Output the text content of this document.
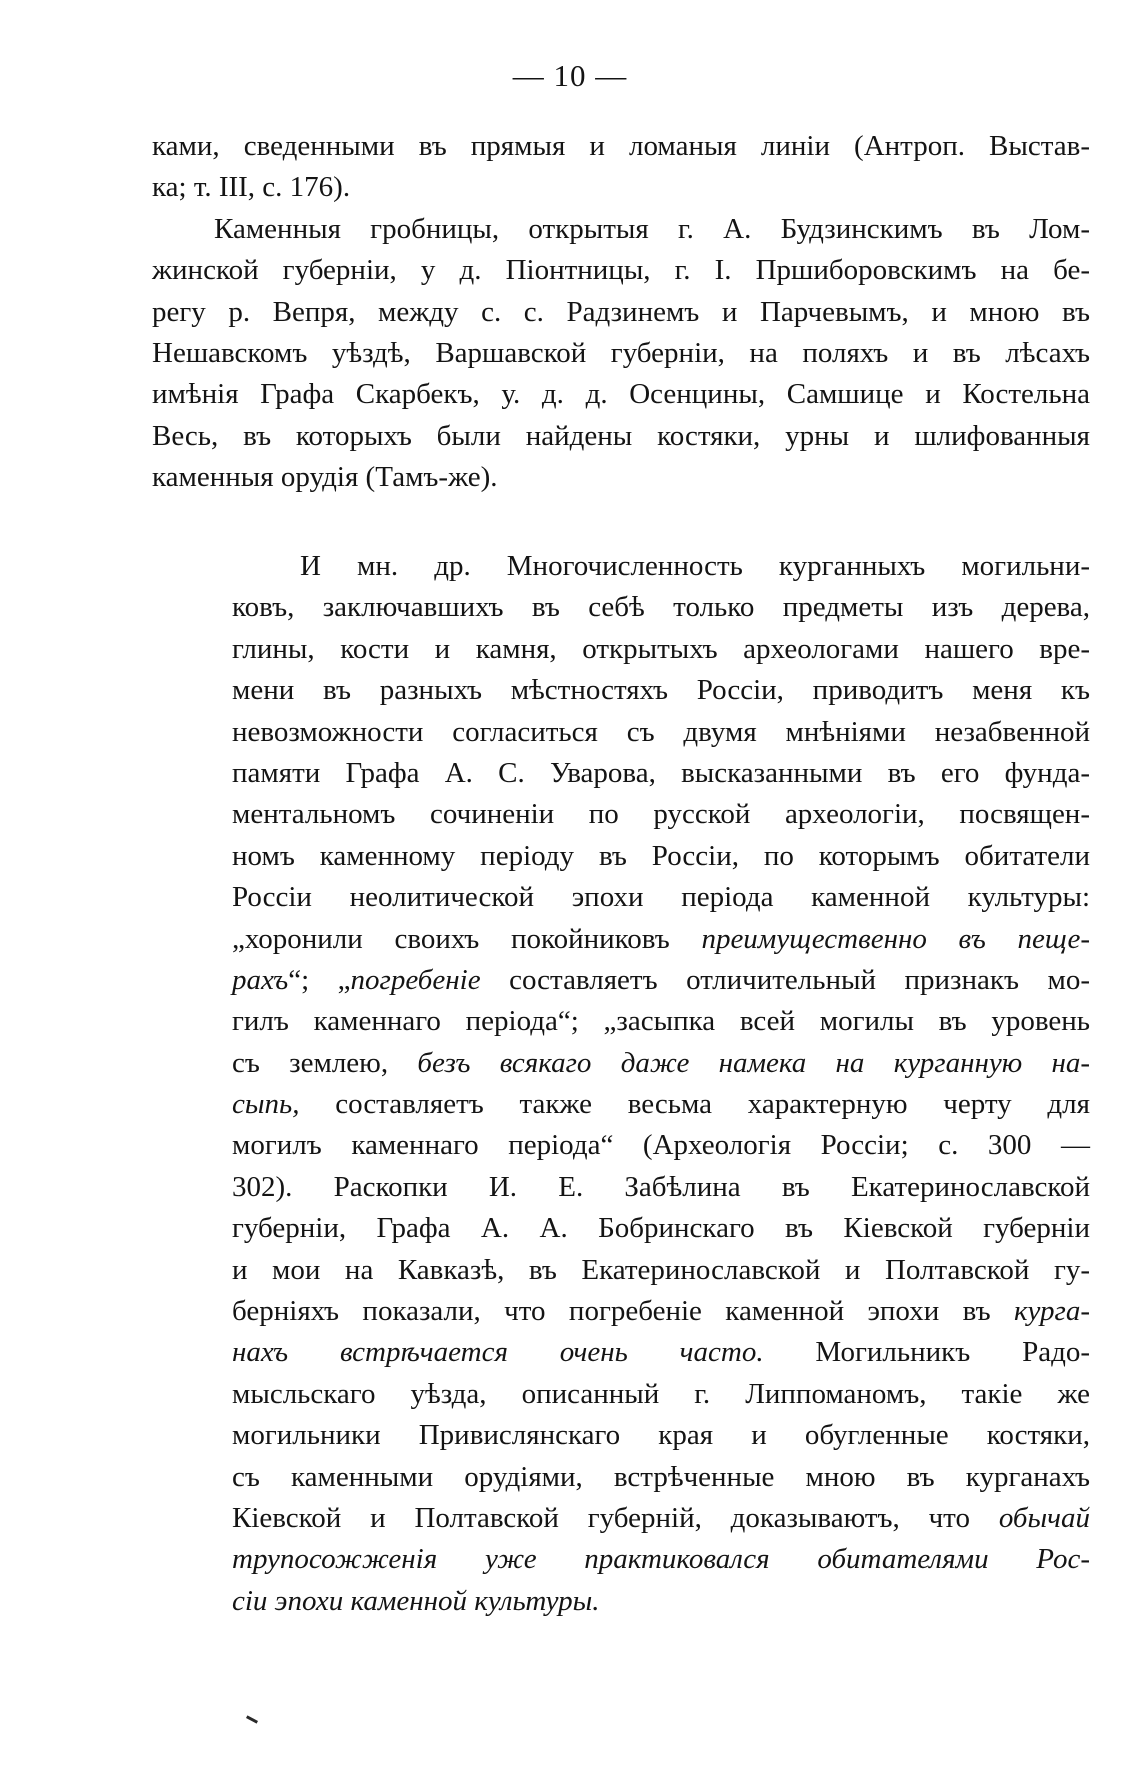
— 10 —
ками, сведенными въ прямыя и ломаныя линіи (Антроп. Выстав-
ка; т. III, с. 176).
Каменныя гробницы, открытыя г. А. Будзинскимъ въ Лом-
жинской губерніи, у д. Піонтницы, г. І. Пршиборовскимъ на бе-
регу р. Вепря, между с. с. Радзинемъ и Парчевымъ, и мною въ
Нешавскомъ уѣздѣ, Варшавской губерніи, на поляхъ и въ лѣсахъ
имѣнія Графа Скарбекъ, у. д. д. Осенцины, Самшице и Костельна
Весь, въ которыхъ были найдены костяки, урны и шлифованныя
каменныя орудія (Тамъ-же).
И мн. др. Многочисленность курганныхъ могильни-
ковъ, заключавшихъ въ себѣ только предметы изъ дерева,
глины, кости и камня, открытыхъ археологами нашего вре-
мени въ разныхъ мѣстностяхъ Россіи, приводитъ меня къ
невозможности согласиться съ двумя мнѣніями незабвенной
памяти Графа А. С. Уварова, высказанными въ его фунда-
ментальномъ сочиненіи по русской археологіи, посвящен-
номъ каменному періоду въ Россіи, по которымъ обитатели
Россіи неолитической эпохи періода каменной культуры:
„хоронили своихъ покойниковъ преимущественно въ пеще-
рахъ“; „погребеніе составляетъ отличительный признакъ мо-
гилъ каменнаго періода“; „засыпка всей могилы въ уровень
съ землею, безъ всякаго даже намека на курганную на-
сыпь, составляетъ также весьма характерную черту для
могилъ каменнаго періода“ (Археологія Россіи; с. 300 —
302). Раскопки И. Е. Забѣлина въ Екатеринославской
губерніи, Графа А. А. Бобринскаго въ Кіевской губерніи
и мои на Кавказѣ, въ Екатеринославской и Полтавской гу-
берніяхъ показали, что погребеніе каменной эпохи въ курга-
нахъ встрѣчается очень часто. Могильникъ Радо-
мысльскаго уѣзда, описанный г. Липпоманомъ, такіе же
могильники Привислянскаго края и обугленные костяки,
съ каменными орудіями, встрѣченные мною въ курганахъ
Кіевской и Полтавской губерній, доказываютъ, что обычай
трупосожженія уже практиковался обитателями Рос-
сіи эпохи каменной культуры.
